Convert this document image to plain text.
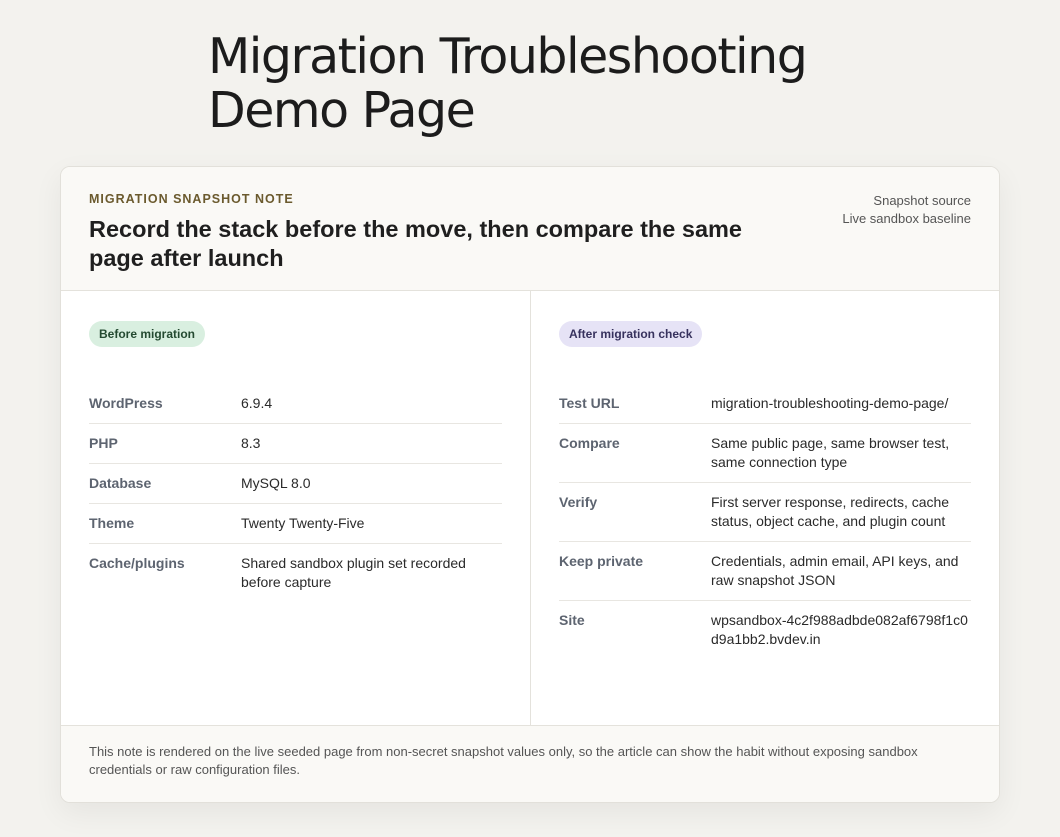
Migration Troubleshooting Demo Page
MIGRATION SNAPSHOT NOTE
Record the stack before the move, then compare the same page after launch
Snapshot source
Live sandbox baseline
Before migration
WordPress	6.9.4
PHP	8.3
Database	MySQL 8.0
Theme	Twenty Twenty-Five
Cache/plugins	Shared sandbox plugin set recorded before capture
After migration check
Test URL	migration-troubleshooting-demo-page/
Compare	Same public page, same browser test, same connection type
Verify	First server response, redirects, cache status, object cache, and plugin count
Keep private	Credentials, admin email, API keys, and raw snapshot JSON
Site	wpsandbox-4c2f988adbde082af6798f1c0d9a1bb2.bvdev.in
This note is rendered on the live seeded page from non-secret snapshot values only, so the article can show the habit without exposing sandbox credentials or raw configuration files.
